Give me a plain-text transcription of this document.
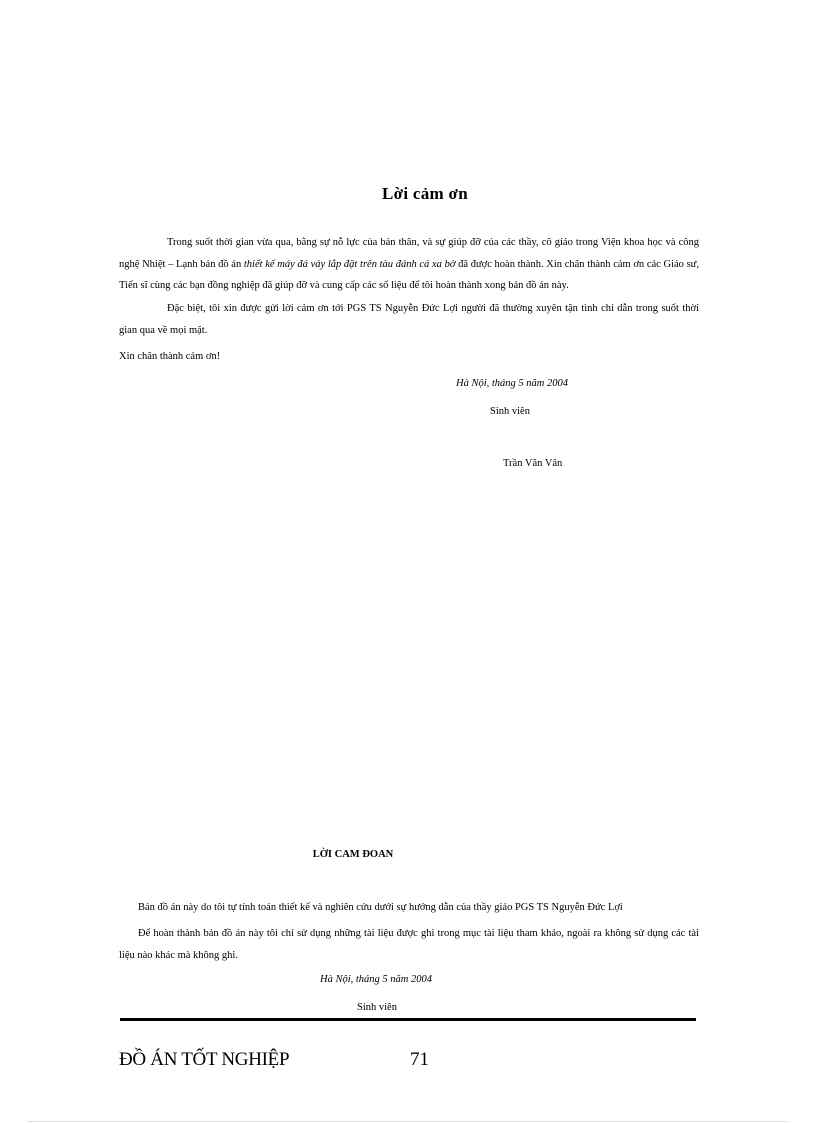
Lời cảm ơn
Trong suốt thời gian vừa qua, bằng sự nỗ lực của bản thân, và sự giúp đỡ của các thầy, cô giáo trong Viện khoa học và công nghệ Nhiệt – Lạnh bản đồ án thiết kế máy đá vảy lắp đặt trên tàu đánh cá xa bờ đã được hoàn thành. Xin chân thành cảm ơn các Giáo sư, Tiến sĩ cùng các bạn đồng nghiệp đã giúp đỡ và cung cấp các số liệu để tôi hoàn thành xong bản đồ án này.
Đặc biệt, tôi xin được gửi lời cảm ơn tới PGS TS Nguyễn Đức Lợi người đã thường xuyên tận tình chỉ dẫn trong suốt thời gian qua về mọi mặt.
Xin chân thành cảm ơn!
Hà Nội, tháng 5 năm 2004
Sinh viên
Trần Văn Vân
LỜI CAM ĐOAN
Bản đồ án này do tôi tự tính toán thiết kế và nghiên cứu dưới sự hướng dẫn của thầy giáo PGS TS Nguyễn Đức Lợi
Để hoàn thành bản đồ án này tôi chỉ sử dụng những tài liệu được ghi trong mục tài liệu tham khảo, ngoài ra không sử dụng các tài liệu nào khác mà không ghi.
Hà Nội, tháng 5 năm 2004
Sinh viên
ĐỒ ÁN TỐT NGHIỆP	71
